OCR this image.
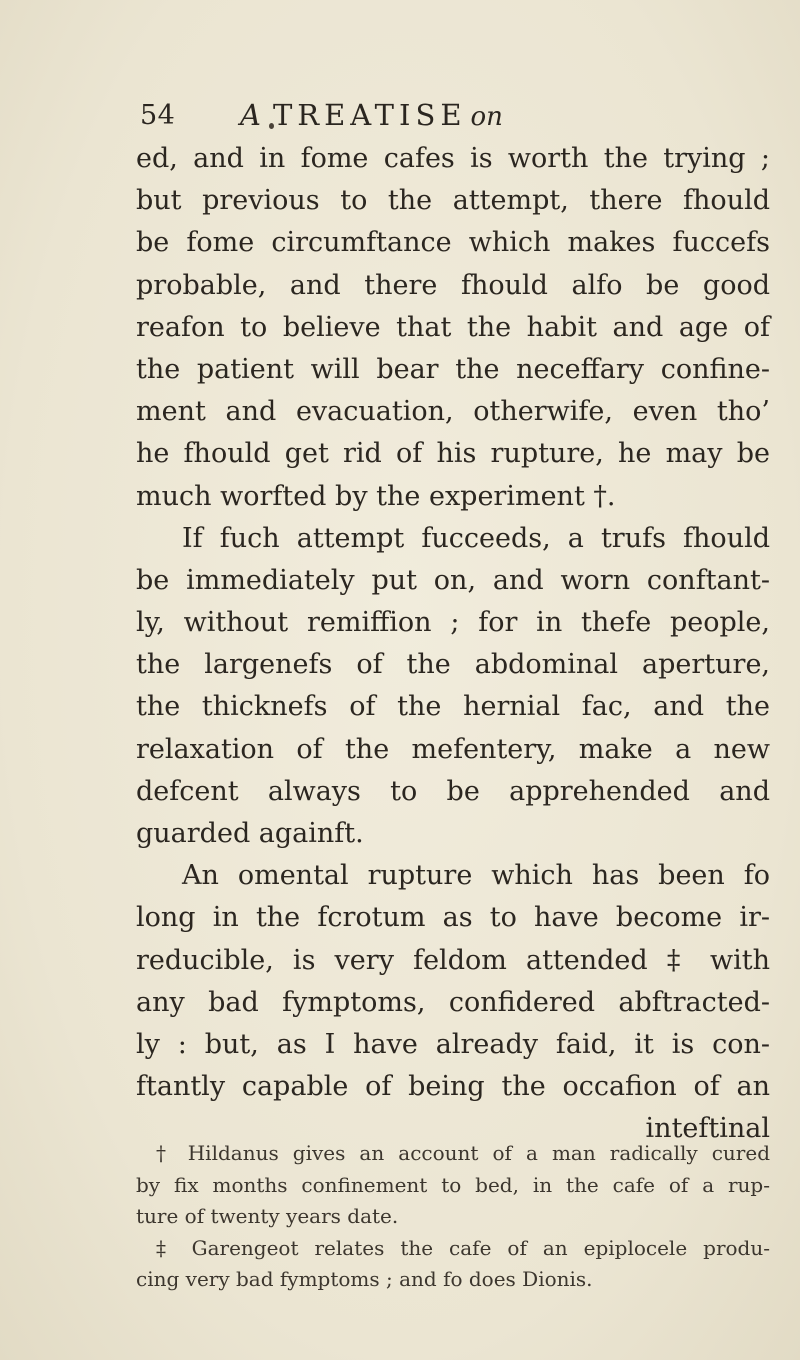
54 A TREATISE on
ed, and in fome cafes is worth the trying ;
but previous to the attempt, there fhould
be fome circumftance which makes fuccefs
probable, and there fhould alfo be good
reafon to believe that the habit and age of
the patient will bear the neceffary confine-
ment and evacuation, otherwife, even tho’
he fhould get rid of his rupture, he may be
much worfted by the experiment †.
If fuch attempt fucceeds, a trufs fhould
be immediately put on, and worn conftant-
ly, without remiffion ; for in thefe people,
the largenefs of the abdominal aperture,
the thicknefs of the hernial fac, and the
relaxation of the mefentery, make a new
defcent always to be apprehended and
guarded againft.
An omental rupture which has been fo
long in the fcrotum as to have become ir-
reducible, is very feldom attended ‡ with
any bad fymptoms, confidered abftracted-
ly : but, as I have already faid, it is con-
ftantly capable of being the occafion of an
inteftinal
† Hildanus gives an account of a man radically cured
by fix months confinement to bed, in the cafe of a rup-
ture of twenty years date.
‡ Garengeot relates the cafe of an epiplocele produ-
cing very bad fymptoms ; and fo does Dionis.
